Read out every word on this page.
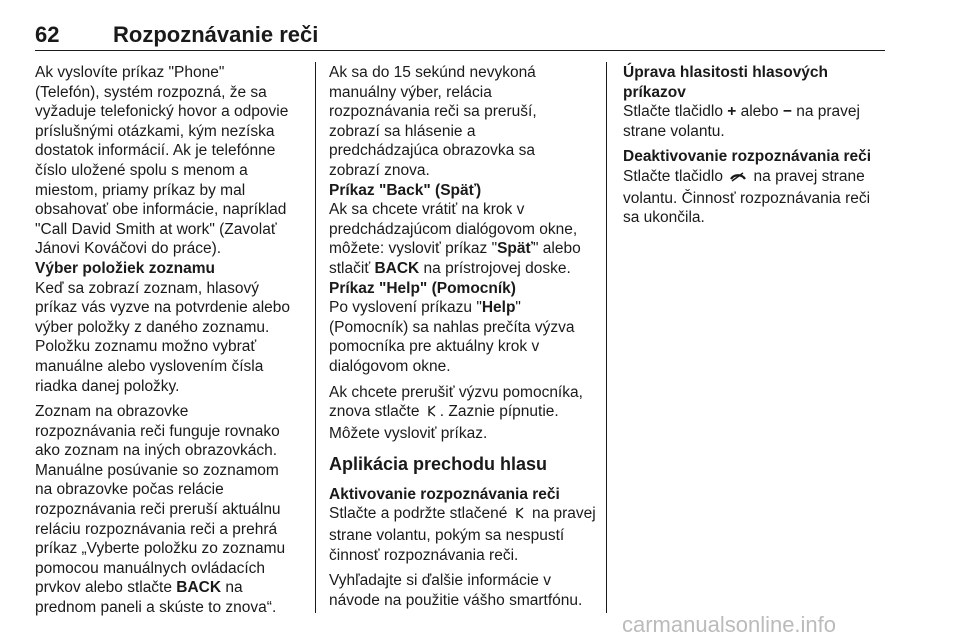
62 Rozpoznávanie reči

Ak vyslovíte príkaz "Phone"
(Telefón), systém rozpozná, že sa
vyžaduje telefonický hovor a odpovie
príslušnými otázkami, kým nezíska
dostatok informácií. Ak je telefónne
číslo uložené spolu s menom a
miestom, priamy príkaz by mal
obsahovať obe informácie, napríklad
"Call David Smith at work" (Zavolať
Jánovi Kováčovi do práce).

Výber položiek zoznamu
Keď sa zobrazí zoznam, hlasový
príkaz vás vyzve na potvrdenie alebo
výber položky z daného zoznamu.
Položku zoznamu možno vybrať
manuálne alebo vyslovením čísla
riadka danej položky.

Zoznam na obrazovke
rozpoznávania reči funguje rovnako
ako zoznam na iných obrazovkách.
Manuálne posúvanie so zoznamom
na obrazovke počas relácie
rozpoznávania reči preruší aktuálnu
reláciu rozpoznávania reči a prehrá
príkaz „Vyberte položku zo zoznamu
pomocou manuálnych ovládacích
prvkov alebo stlačte BACK na
prednom paneli a skúste to znova“.

Ak sa do 15 sekúnd nevykoná
manuálny výber, relácia
rozpoznávania reči sa preruší,
zobrazí sa hlásenie a
predchádzajúca obrazovka sa
zobrazí znova.

Príkaz "Back" (Späť)
Ak sa chcete vrátiť na krok v
predchádzajúcom dialógovom okne,
môžete: vysloviť príkaz "Späť" alebo
stlačiť BACK na prístrojovej doske.

Príkaz "Help" (Pomocník)
Po vyslovení príkazu "Help"
(Pomocník) sa nahlas prečíta výzva
pomocníka pre aktuálny krok v
dialógovom okne.

Ak chcete prerušiť výzvu pomocníka,
znova stlačte . Zaznie pípnutie.
Môžete vysloviť príkaz.

Aplikácia prechodu hlasu

Aktivovanie rozpoznávania reči
Stlačte a podržte stlačené  na pravej
strane volantu, pokým sa nespustí
činnosť rozpoznávania reči.

Vyhľadajte si ďalšie informácie v
návode na použitie vášho smartfónu.

Úprava hlasitosti hlasových príkazov
Stlačte tlačidlo + alebo − na pravej
strane volantu.

Deaktivovanie rozpoznávania reči
Stlačte tlačidlo  na pravej strane
volantu. Činnosť rozpoznávania reči
sa ukončila.

carmanualsonline.info
